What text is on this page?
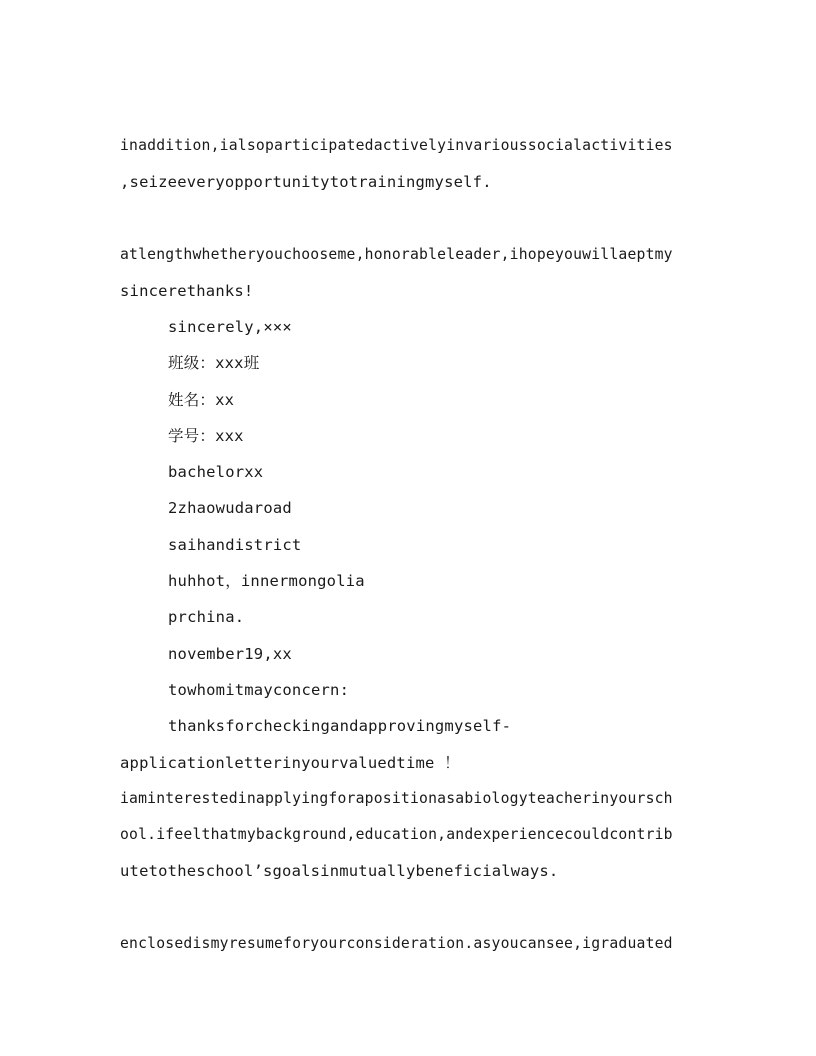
inaddition,ialsoparticipatedactivelyinvarioussocialactivities
,seizeeveryopportunitytotrainingmyself.
atlengthwhetheryouchooseme,honorableleader,ihopeyouwillaeptmy
sincerethanks!
sincerely,×××
班级：xxx班
姓名：xx
学号：xxx
bachelorxx
2zhaowudaroad
saihandistrict
huhhot，innermongolia
prchina.
november19,xx
towhomitmayconcern:
thanksforcheckingandapprovingmyself-
applicationletterinyourvaluedtime ！
iaminterestedinapplyingforapositionasabiologyteacherinyoursch
ool.ifeelthatmybackground,education,andexperiencecouldcontrib
utetotheschool’sgoalsinmutuallybeneficialways.
enclosedismyresumeforyourconsideration.asyoucansee,igraduated
